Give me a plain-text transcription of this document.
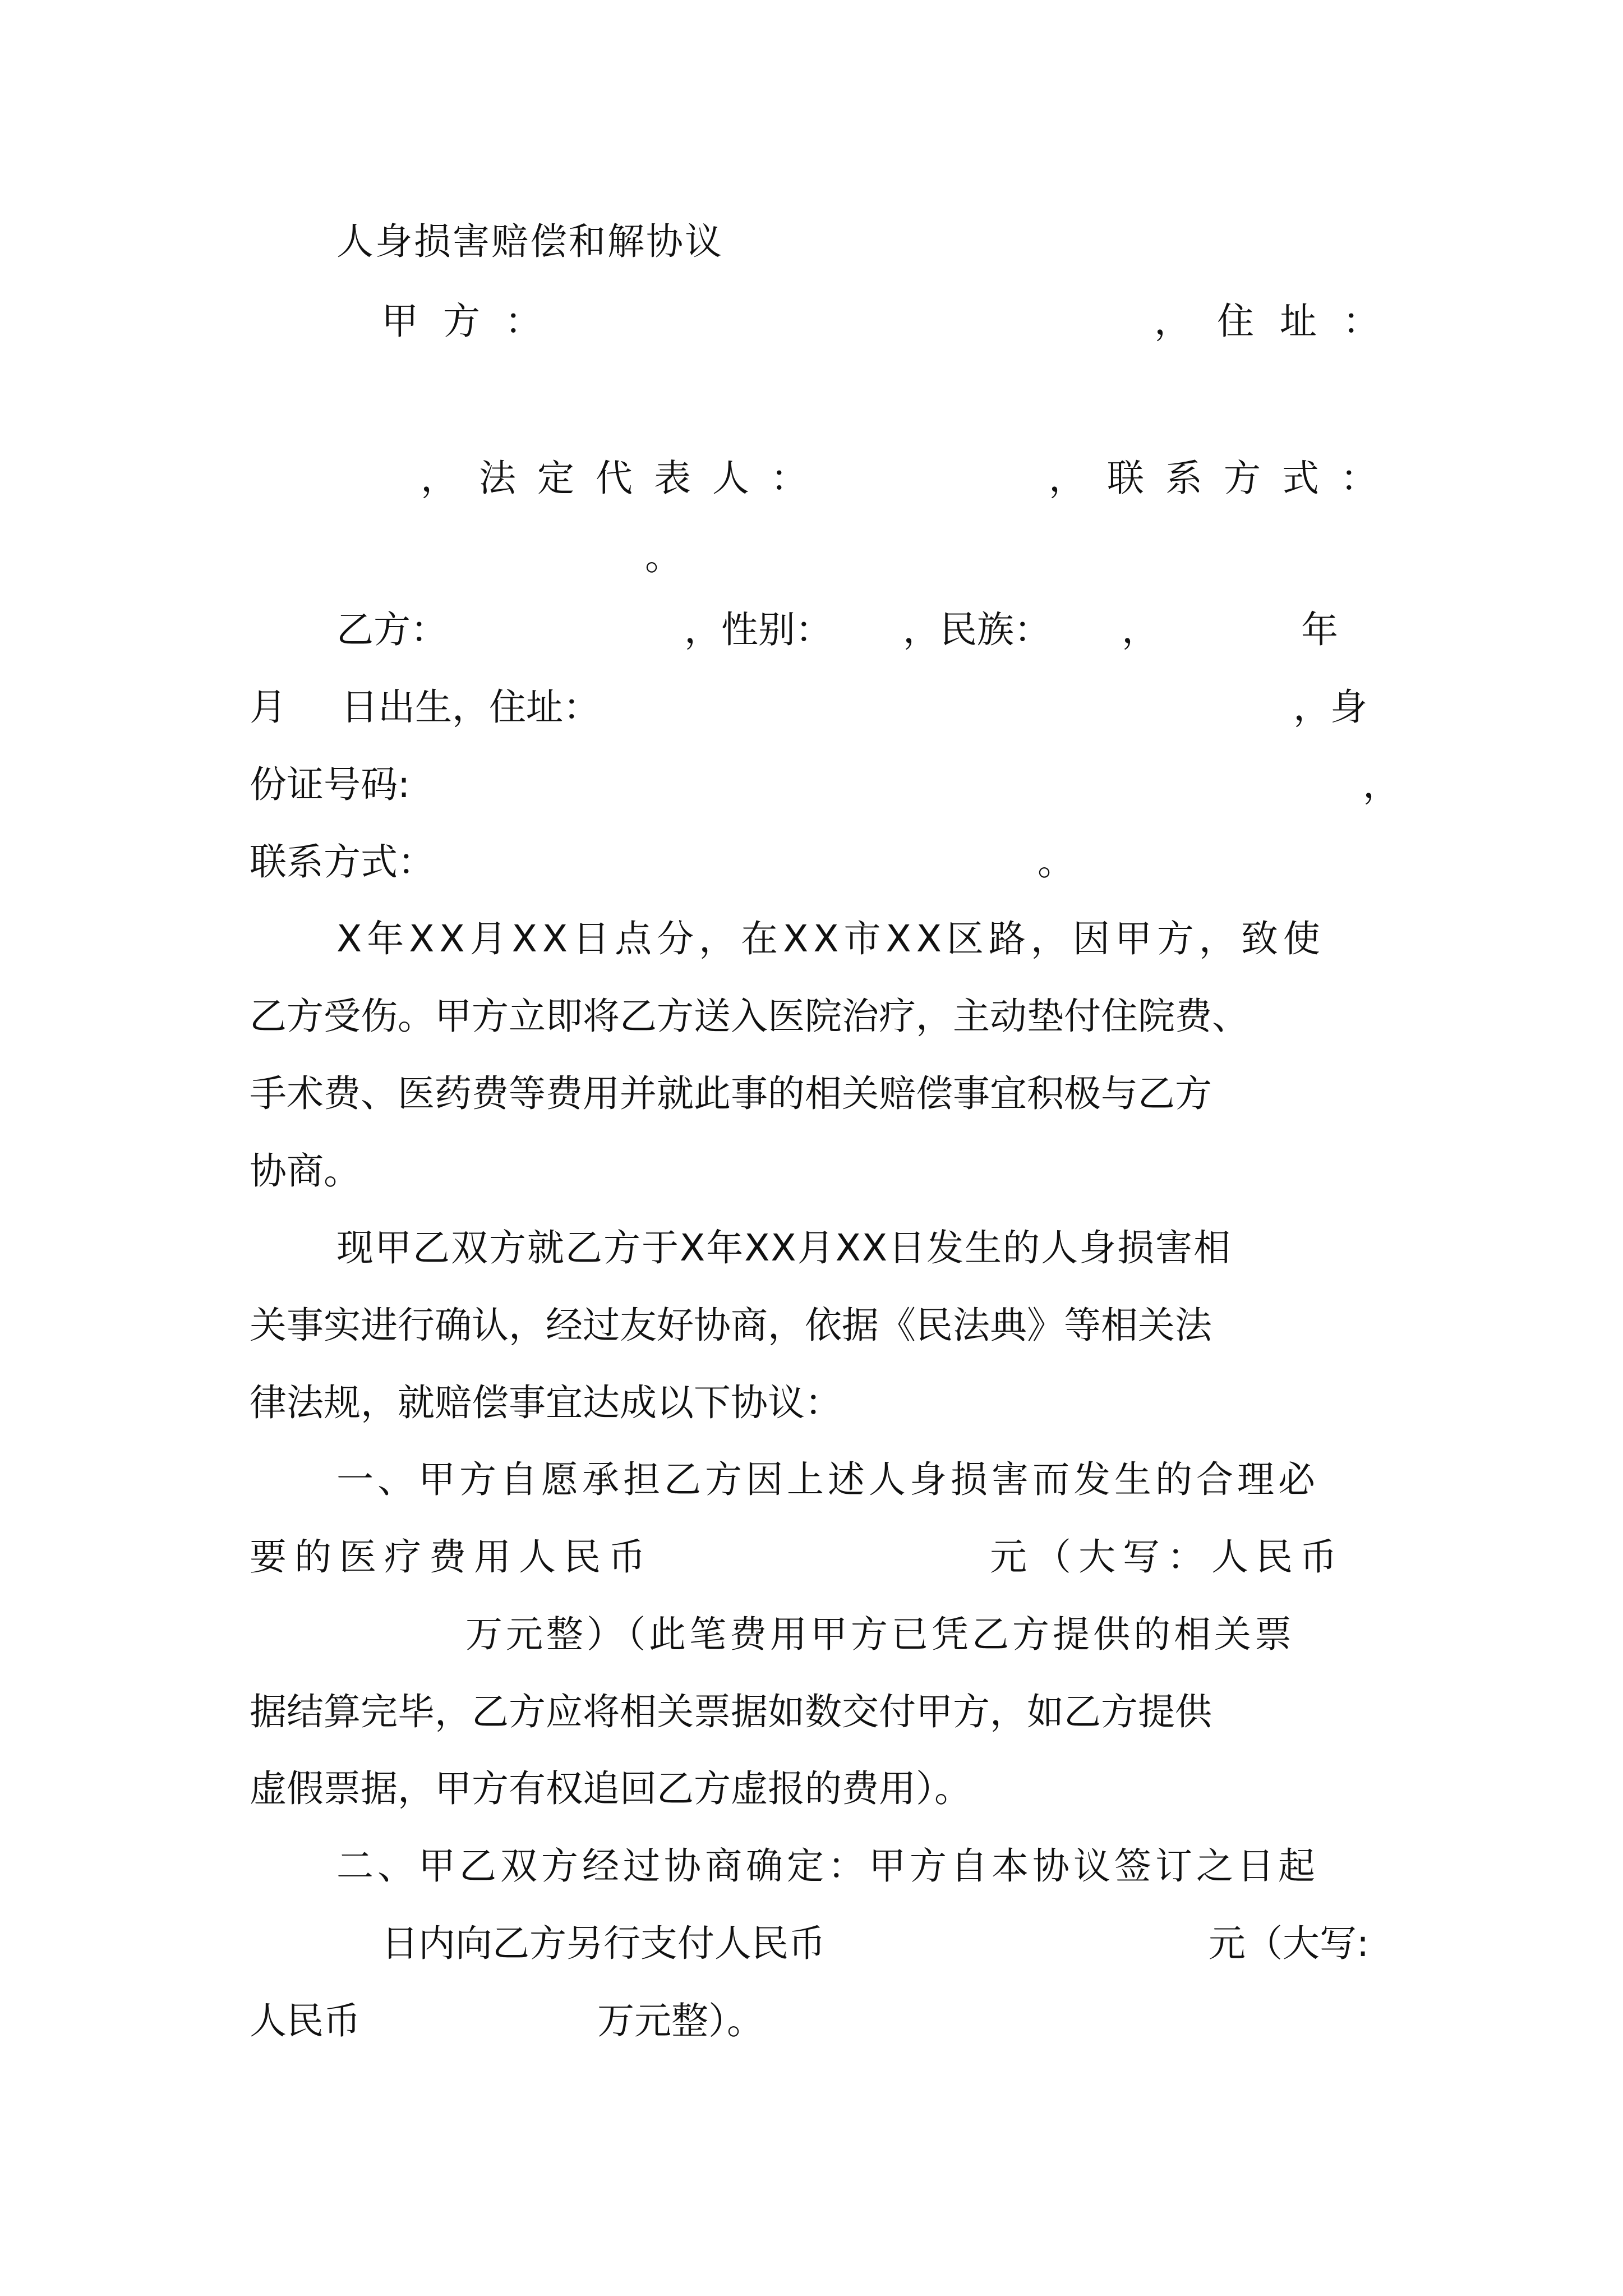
人身损害赔偿和解协议

甲方：	，住址：

，法定代表人：	，联系方式：

。

乙方：	，性别： ，民族： ，	年

月 日出生，住址：	，身

份证号码:	，

联系方式：	。

X年XX月XX日点分，在XX市XX区路，因甲方，致使

乙方受伤。甲方立即将乙方送入医院治疗，主动垫付住院费、

手术费、医药费等费用并就此事的相关赔偿事宜积极与乙方

协商。

现甲乙双方就乙方于X年XX月XX日发生的人身损害相

关事实进行确认，经过友好协商，依据《民法典》等相关法

律法规，就赔偿事宜达成以下协议：

一、甲方自愿承担乙方因上述人身损害而发生的合理必

要的医疗费用人民币	元（大写：人民币

万元整）（此笔费用甲方已凭乙方提供的相关票

据结算完毕，乙方应将相关票据如数交付甲方，如乙方提供

虚假票据，甲方有权追回乙方虚报的费用）。

二、甲乙双方经过协商确定：甲方自本协议签订之日起

日内向乙方另行支付人民币	元（大写:

人民币	万元整）。
